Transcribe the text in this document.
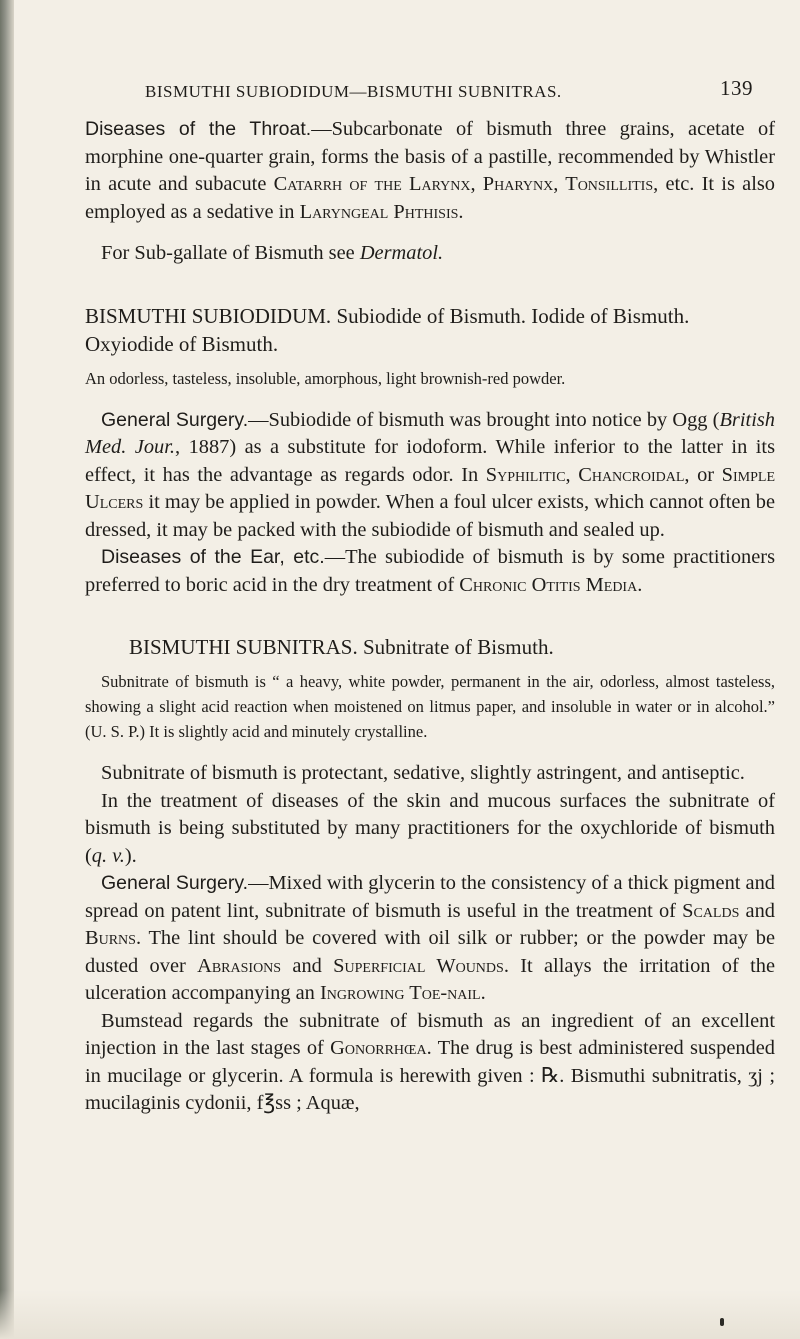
BISMUTHI SUBIODIDUM—BISMUTHI SUBNITRAS.	139

Diseases of the Throat.—Subcarbonate of bismuth three grains, acetate of morphine one-quarter grain, forms the basis of a pastille, recommended by Whistler in acute and subacute Catarrh of the Larynx, Pharynx, Tonsillitis, etc. It is also employed as a sedative in Laryngeal Phthisis.

For Sub-gallate of Bismuth see Dermatol.

BISMUTHI SUBIODIDUM. Subiodide of Bismuth. Iodide of Bismuth. Oxyiodide of Bismuth.

An odorless, tasteless, insoluble, amorphous, light brownish-red powder.

General Surgery.—Subiodide of bismuth was brought into notice by Ogg (British Med. Jour., 1887) as a substitute for iodoform. While inferior to the latter in its effect, it has the advantage as regards odor. In Syphilitic, Chancroidal, or Simple Ulcers it may be applied in powder. When a foul ulcer exists, which cannot often be dressed, it may be packed with the subiodide of bismuth and sealed up.

Diseases of the Ear, etc.—The subiodide of bismuth is by some practitioners preferred to boric acid in the dry treatment of Chronic Otitis Media.

BISMUTHI SUBNITRAS. Subnitrate of Bismuth.

Subnitrate of bismuth is “ a heavy, white powder, permanent in the air, odorless, almost tasteless, showing a slight acid reaction when moistened on litmus paper, and insoluble in water or in alcohol.” (U. S. P.) It is slightly acid and minutely crystalline.

Subnitrate of bismuth is protectant, sedative, slightly astringent, and antiseptic.

In the treatment of diseases of the skin and mucous surfaces the subnitrate of bismuth is being substituted by many practitioners for the oxychloride of bismuth (q. v.).

General Surgery.—Mixed with glycerin to the consistency of a thick pigment and spread on patent lint, subnitrate of bismuth is useful in the treatment of Scalds and Burns. The lint should be covered with oil silk or rubber; or the powder may be dusted over Abrasions and Superficial Wounds. It allays the irritation of the ulceration accompanying an Ingrowing Toe-nail.

Bumstead regards the subnitrate of bismuth as an ingredient of an excellent injection in the last stages of Gonorrhœa. The drug is best administered suspended in mucilage or glycerin. A formula is herewith given : ℞. Bismuthi subnitratis, ʒj ; mucilaginis cydonii, f℥ss ; Aquæ,
